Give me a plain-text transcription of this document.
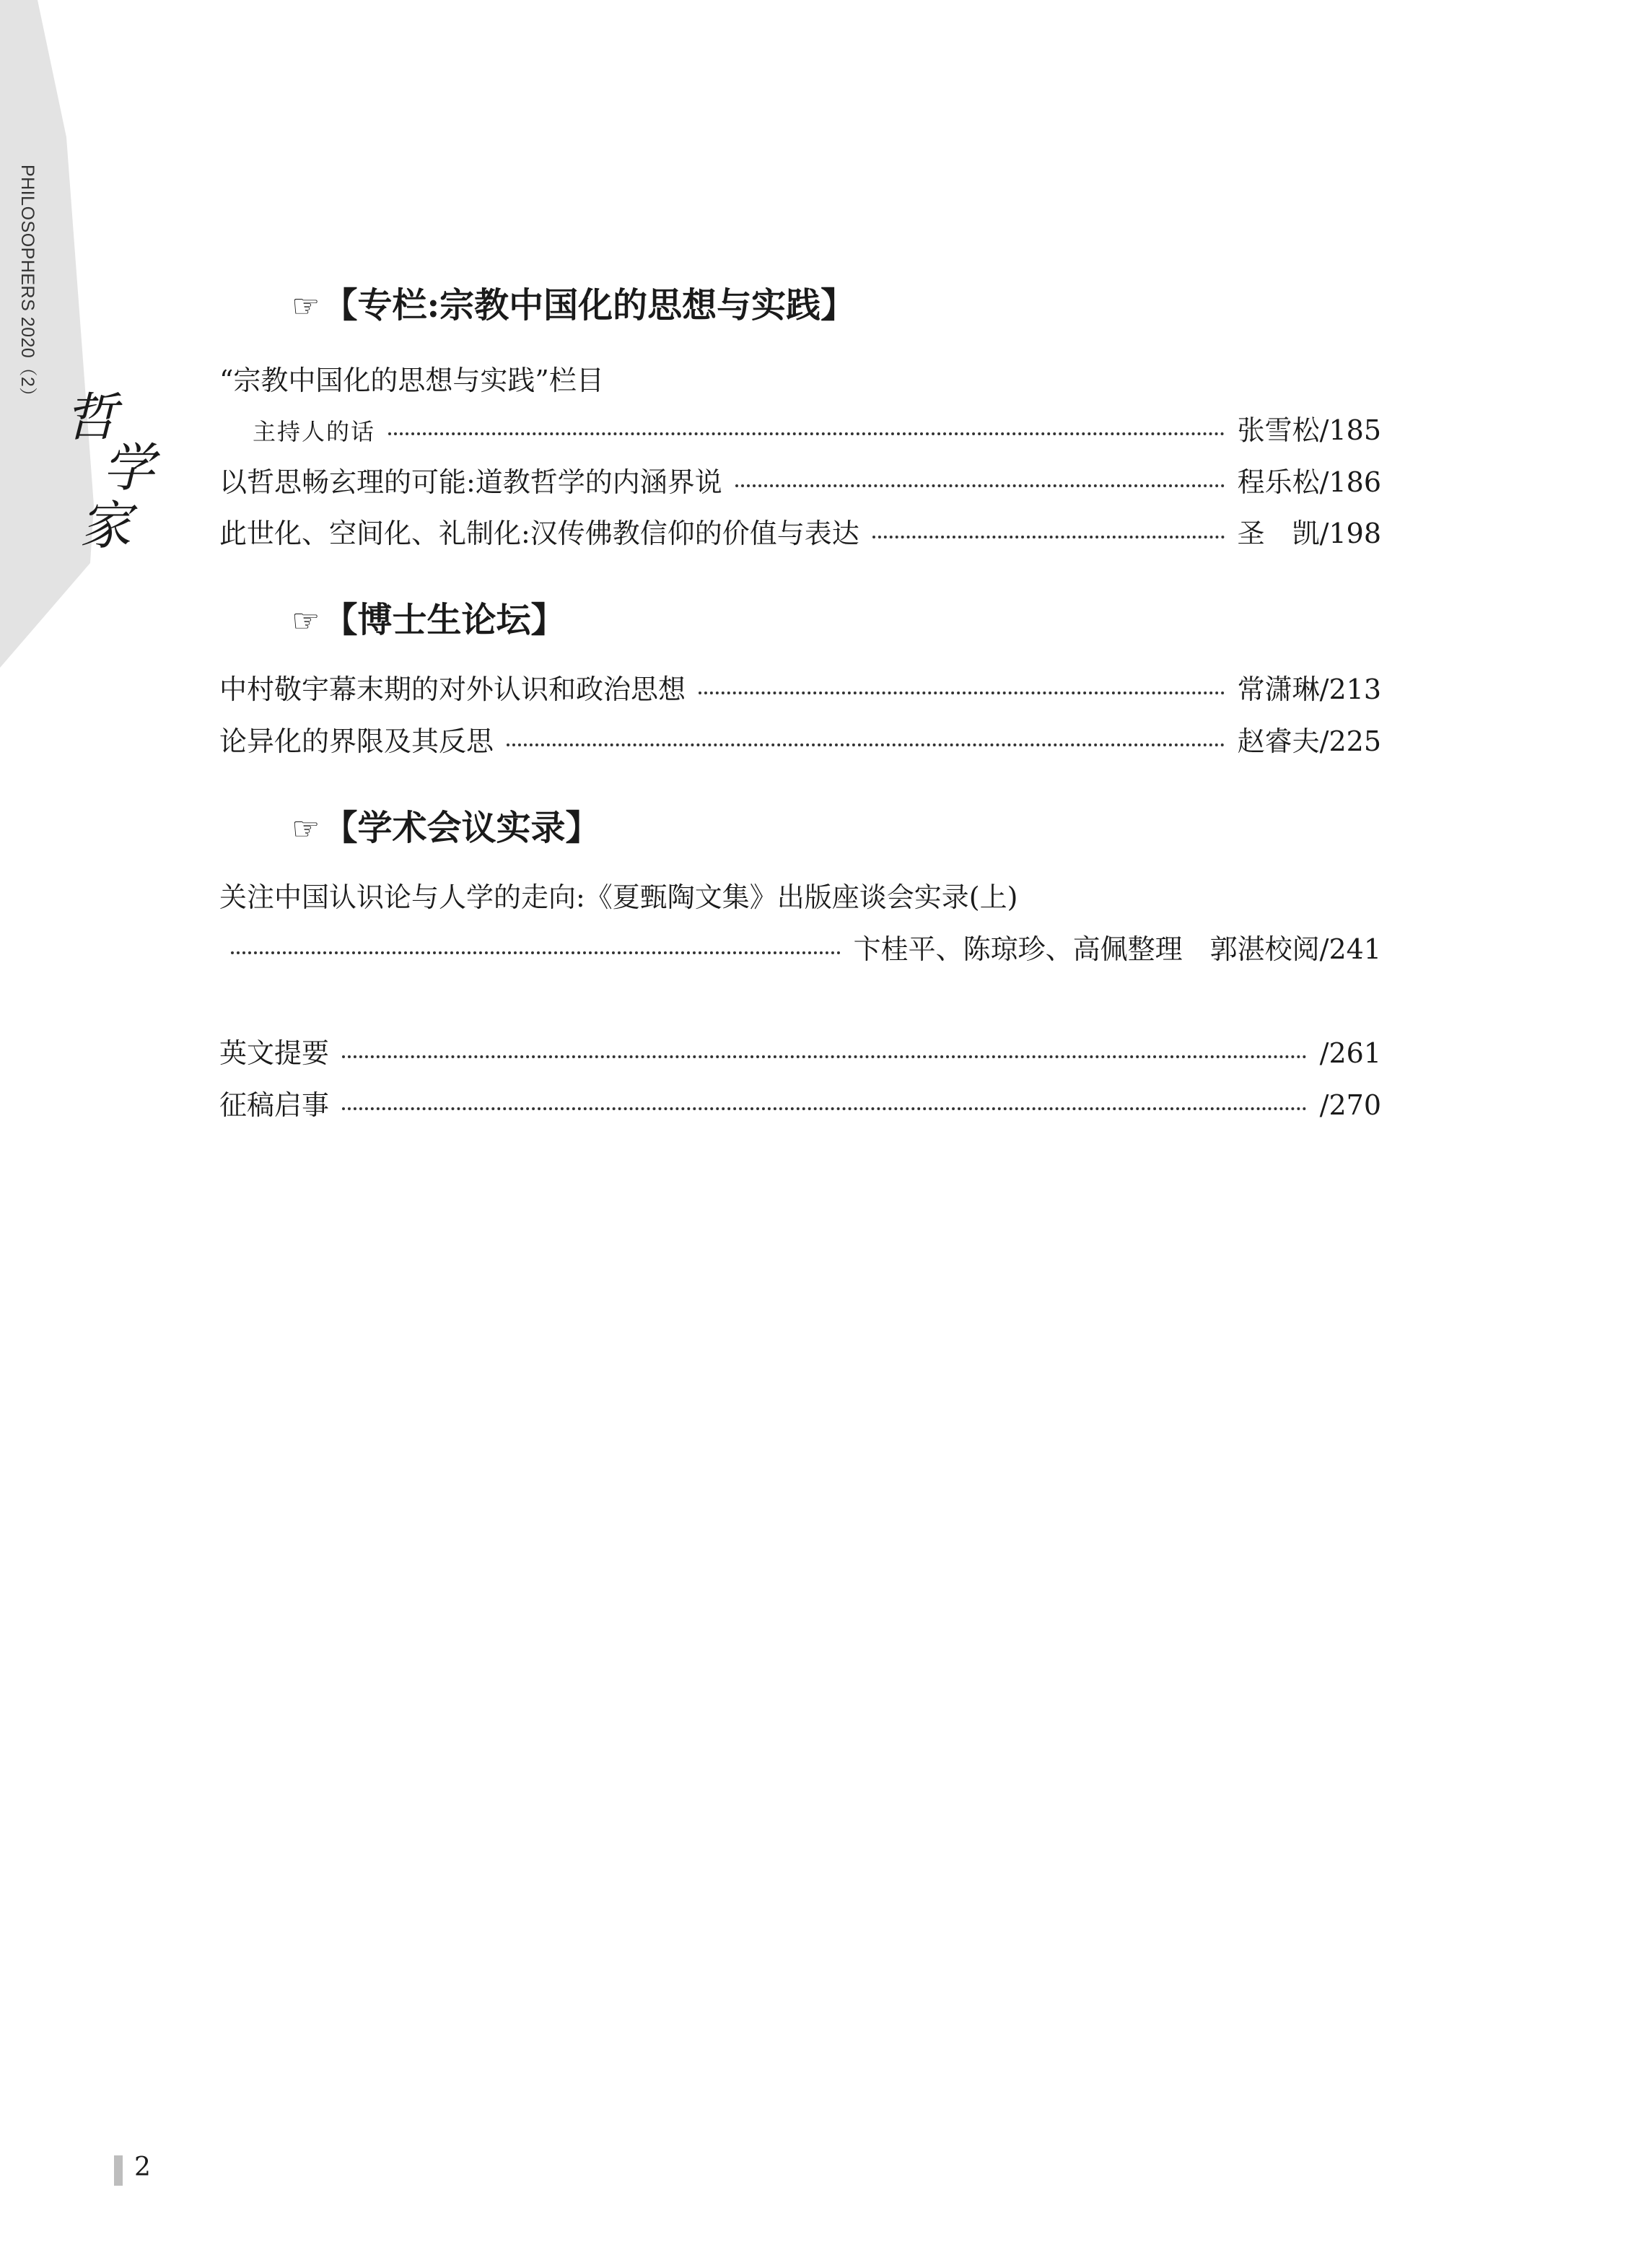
PHILOSOPHERS 2020（2）
哲
学
家
☞【专栏:宗教中国化的思想与实践】
“宗教中国化的思想与实践”栏目
主持人的话	张雪松 /185
以哲思畅玄理的可能:道教哲学的内涵界说	程乐松 /186
此世化、空间化、礼制化:汉传佛教信仰的价值与表达	圣　凯 /198
☞【博士生论坛】
中村敬宇幕末期的对外认识和政治思想	常潇琳 /213
论异化的界限及其反思	赵睿夫 /225
☞【学术会议实录】
关注中国认识论与人学的走向:《夏甄陶文集》出版座谈会实录(上)
卞桂平、陈琼珍、高佩整理　郭湛校阅 /241
英文提要	/261
征稿启事	/270
2
